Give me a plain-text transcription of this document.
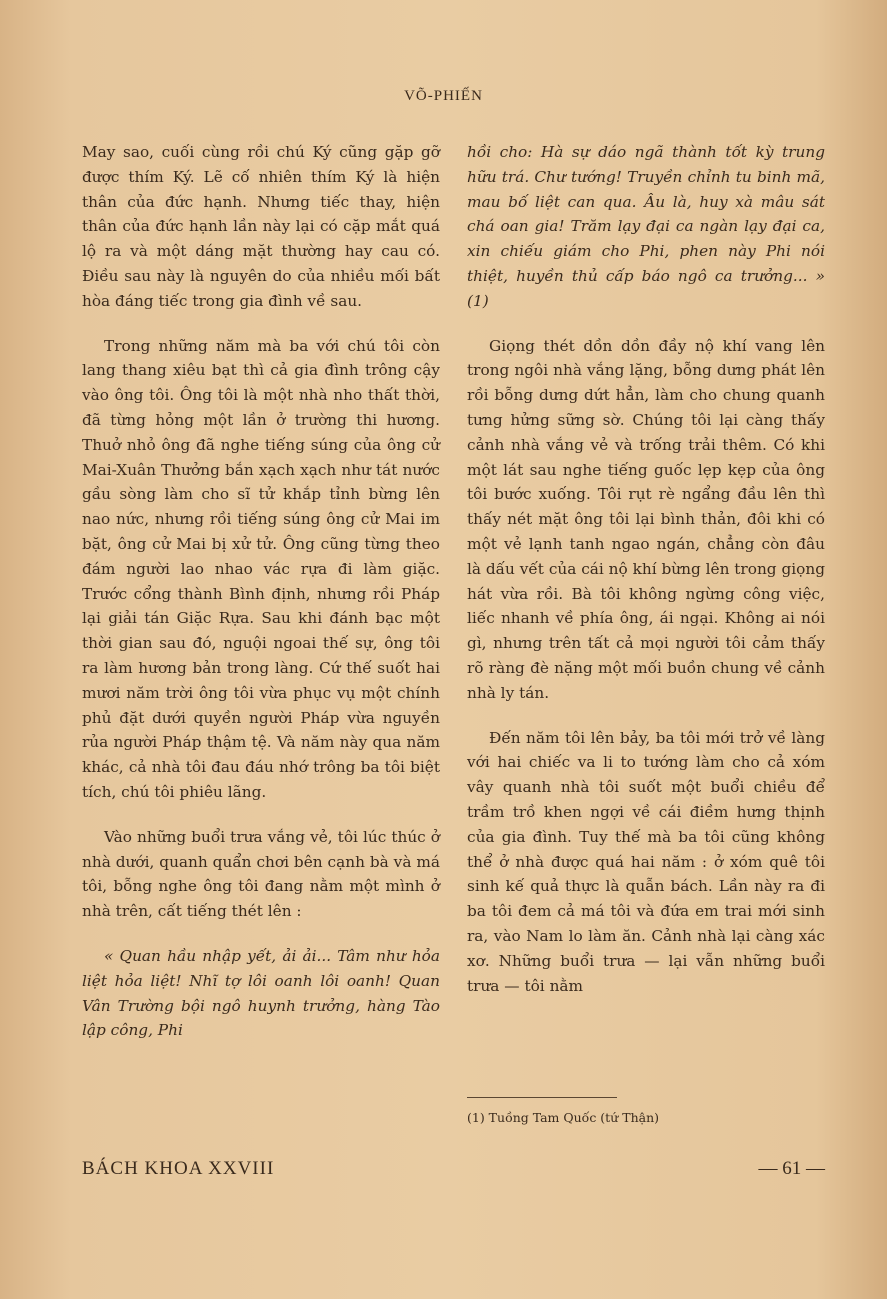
VÕ-PHIẾN

May sao, cuối cùng rồi chú Ký cũng gặp gỡ được thím Ký. Lẽ cố nhiên thím Ký là hiện thân của đức hạnh. Nhưng tiếc thay, hiện thân của đức hạnh lần này lại có cặp mắt quá lộ ra và một dáng mặt thường hay cau có. Điều sau này là nguyên do của nhiều mối bất hòa đáng tiếc trong gia đình về sau.

Trong những năm mà ba với chú tôi còn lang thang xiêu bạt thì cả gia đình trông cậy vào ông tôi. Ông tôi là một nhà nho thất thời, đã từng hỏng một lần ở trường thi hương. Thuở nhỏ ông đã nghe tiếng súng của ông cử Mai-Xuân Thưởng bắn xạch xạch như tát nước gầu sòng làm cho sĩ tử khắp tỉnh bừng lên nao nức, nhưng rồi tiếng súng ông cử Mai im bặt, ông cử Mai bị xử tử. Ông cũng từng theo đám người lao nhao vác rựa đi làm giặc. Trước cổng thành Bình định, nhưng rồi Pháp lại giải tán Giặc Rựa. Sau khi đánh bạc một thời gian sau đó, nguội ngoai thế sự, ông tôi ra làm hương bản trong làng. Cứ thế suốt hai mươi năm trời ông tôi vừa phục vụ một chính phủ đặt dưới quyền người Pháp vừa nguyền rủa người Pháp thậm tệ. Và năm này qua năm khác, cả nhà tôi đau đáu nhớ trông ba tôi biệt tích, chú tôi phiêu lãng.

Vào những buổi trưa vắng vẻ, tôi lúc thúc ở nhà dưới, quanh quẩn chơi bên cạnh bà và má tôi, bỗng nghe ông tôi đang nằm một mình ở nhà trên, cất tiếng thét lên :

« Quan hầu nhập yết, ải ải... Tâm như hỏa liệt hỏa liệt! Nhĩ tợ lôi oanh lôi oanh! Quan Vân Trường bội ngô huynh trưởng, hàng Tào lập công, Phi

hồi cho: Hà sự dáo ngã thành tốt kỳ trung hữu trá. Chư tướng! Truyền chỉnh tu binh mã, mau bố liệt can qua. Âu là, huy xà mâu sát chá oan gia! Trăm lạy đại ca ngàn lạy đại ca, xin chiếu giám cho Phi, phen này Phi nói thiệt, huyền thủ cấp báo ngô ca trưởng... » (1)

Giọng thét dồn dồn đầy nộ khí vang lên trong ngôi nhà vắng lặng, bỗng dưng phát lên rồi bỗng dưng dứt hẳn, làm cho chung quanh tưng hửng sững sờ. Chúng tôi lại càng thấy cảnh nhà vắng vẻ và trống trải thêm. Có khi một lát sau nghe tiếng guốc lẹp kẹp của ông tôi bước xuống. Tôi rụt rè ngẩng đầu lên thì thấy nét mặt ông tôi lại bình thản, đôi khi có một vẻ lạnh tanh ngao ngán, chẳng còn đâu là dấu vết của cái nộ khí bừng lên trong giọng hát vừa rồi. Bà tôi không ngừng công việc, liếc nhanh về phía ông, ái ngại. Không ai nói gì, nhưng trên tất cả mọi người tôi cảm thấy rõ ràng đè nặng một mối buồn chung về cảnh nhà ly tán.

Đến năm tôi lên bảy, ba tôi mới trở về làng với hai chiếc va li to tướng làm cho cả xóm vây quanh nhà tôi suốt một buổi chiều để trầm trồ khen ngợi về cái điềm hưng thịnh của gia đình. Tuy thế mà ba tôi cũng không thể ở nhà được quá hai năm : ở xóm quê tôi sinh kế quả thực là quẫn bách. Lần này ra đi ba tôi đem cả má tôi và đứa em trai mới sinh ra, vào Nam lo làm ăn. Cảnh nhà lại càng xác xơ. Những buổi trưa — lại vẫn những buổi trưa — tôi nằm

(1) Tuồng Tam Quốc (tứ Thận)
BÁCH KHOA XXVIII	— 61 —
